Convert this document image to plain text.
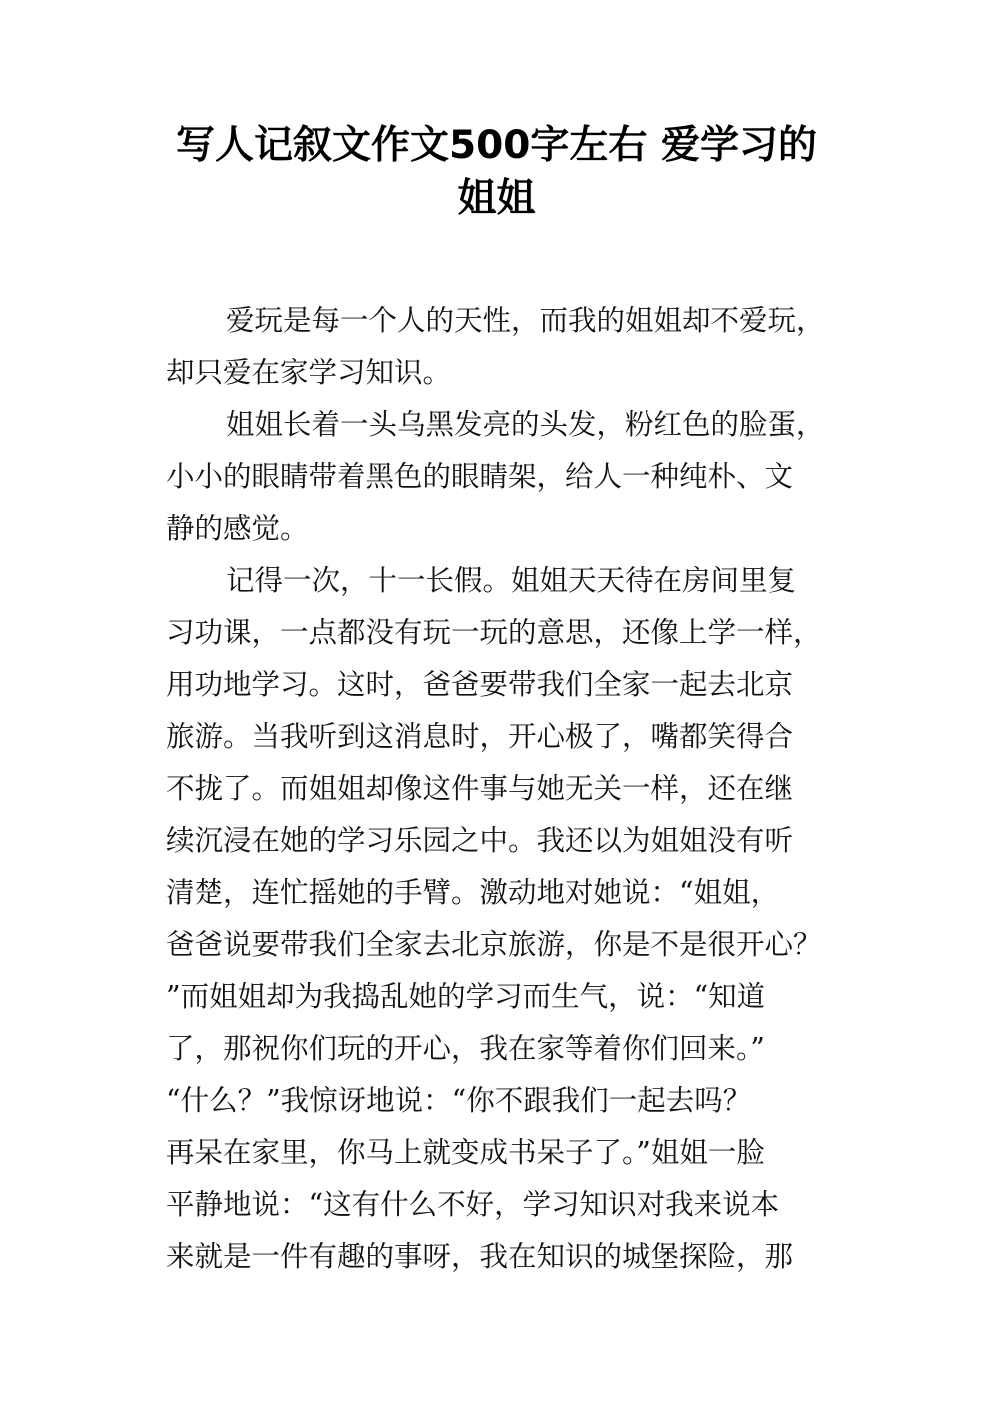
写人记叙文作文500字左右 爱学习的
姐姐
爱玩是每一个人的天性，而我的姐姐却不爱玩，
却只爱在家学习知识。
姐姐长着一头乌黑发亮的头发，粉红色的脸蛋，
小小的眼睛带着黑色的眼睛架，给人一种纯朴、文
静的感觉。
记得一次，十一长假。姐姐天天待在房间里复
习功课，一点都没有玩一玩的意思，还像上学一样，
用功地学习。这时，爸爸要带我们全家一起去北京
旅游。当我听到这消息时，开心极了，嘴都笑得合
不拢了。而姐姐却像这件事与她无关一样，还在继
续沉浸在她的学习乐园之中。我还以为姐姐没有听
清楚，连忙摇她的手臂。激动地对她说：“姐姐，
爸爸说要带我们全家去北京旅游，你是不是很开心？
”而姐姐却为我捣乱她的学习而生气，说：“知道
了，那祝你们玩的开心，我在家等着你们回来。”
“什么？”我惊讶地说：“你不跟我们一起去吗？
再呆在家里，你马上就变成书呆子了。”姐姐一脸
平静地说：“这有什么不好，学习知识对我来说本
来就是一件有趣的事呀，我在知识的城堡探险，那
